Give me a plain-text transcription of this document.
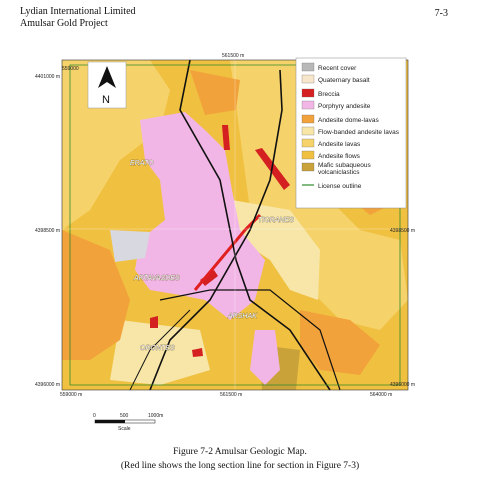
Lydian International Limited
Amulsar Gold Project
7-3
559000
561500 m
4401000 m
4398500 m
4396000 m
4398500 m
4396000 m
559000 m	561500 m	564000 m
N
ERATO
TIGRANES
ARTAVASDES
ARSHAK
ORONTES
Recent cover
Quaternary basalt
Breccia
Porphyry andesite
Andesite dome-lavas
Flow-banded andesite lavas
Andesite lavas
Andesite flows
Mafic subaqueous volcaniclastics
License outline
0	500	1000m
Scale
Figure 7-2 Amulsar Geologic Map.
(Red line shows the long section line for section in Figure 7-3)
